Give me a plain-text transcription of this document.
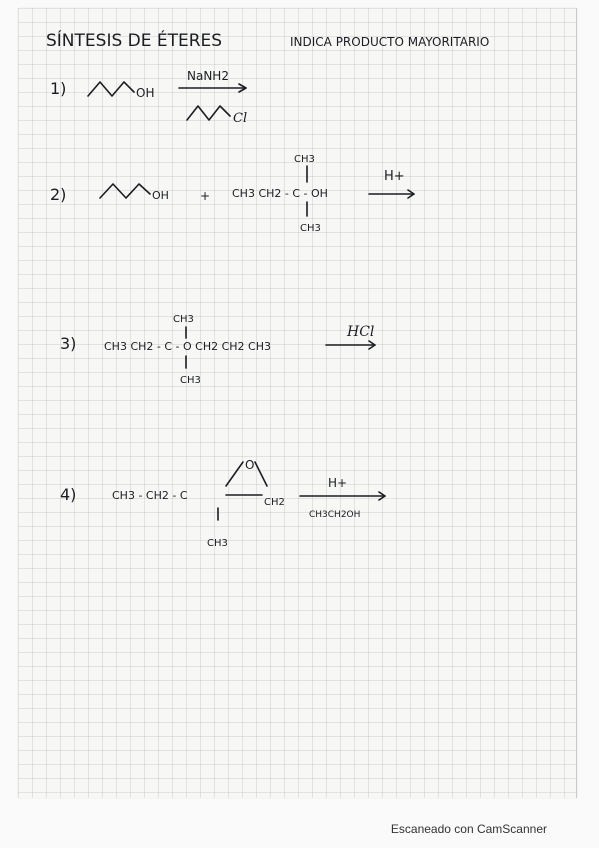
SÍNTESIS DE ÉTERES	INDICA PRODUCTO MAYORITARIO
1)	OH
NaNH2
Cl
2)	OH	+
CH3
CH3 CH2 - C - OH
CH3
H+
3)
CH3
CH3 CH2 - C - O CH2 CH2 CH3
CH3
HCl
4)
O
CH3 - CH2 - C
CH2
CH3
H+
CH3CH2OH
Escaneado con CamScanner
